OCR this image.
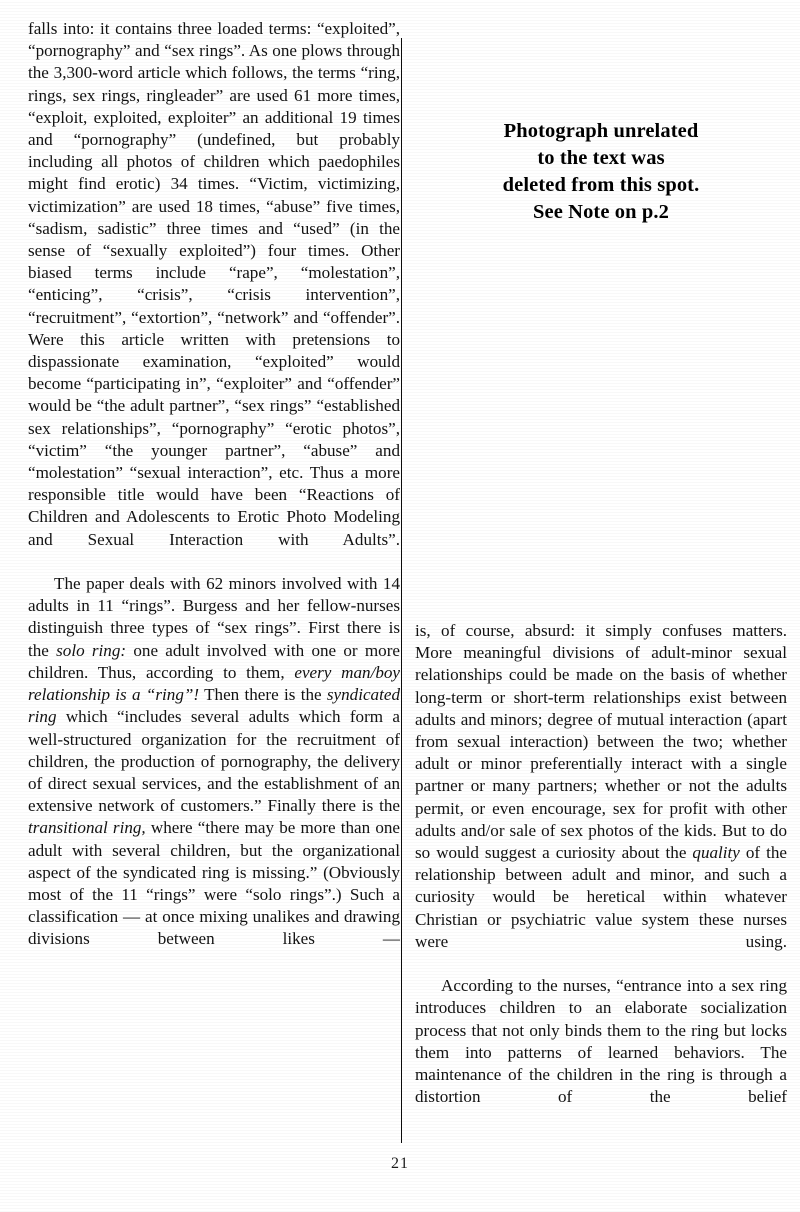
falls into: it contains three loaded terms: “exploited”, “pornography” and “sex rings”. As one plows through the 3,300-word article which follows, the terms “ring, rings, sex rings, ringleader” are used 61 more times, “exploit, exploited, exploiter” an additional 19 times and “pornography” (undefined, but probably including all photos of children which paedophiles might find erotic) 34 times. “Victim, victimizing, victimization” are used 18 times, “abuse” five times, “sadism, sadistic” three times and “used” (in the sense of “sexually exploited”) four times. Other biased terms include “rape”, “molestation”, “enticing”, “crisis”, “crisis intervention”, “recruitment”, “extortion”, “network” and “offender”. Were this article written with pretensions to dispassionate examination, “exploited” would become “participating in”, “exploiter” and “offender” would be “the adult partner”, “sex rings” “established sex relationships”, “pornography” “erotic photos”, “victim” “the younger partner”, “abuse” and “molestation” “sexual interaction”, etc. Thus a more responsible title would have been “Reactions of Children and Adolescents to Erotic Photo Modeling and Sexual Interaction with Adults”.

The paper deals with 62 minors involved with 14 adults in 11 “rings”. Burgess and her fellow-nurses distinguish three types of “sex rings”. First there is the solo ring: one adult involved with one or more children. Thus, according to them, every man/boy relationship is a “ring”! Then there is the syndicated ring which “includes several adults which form a well-structured organization for the recruitment of children, the production of pornography, the delivery of direct sexual services, and the establishment of an extensive network of customers.” Finally there is the transitional ring, where “there may be more than one adult with several children, but the organizational aspect of the syndicated ring is missing.” (Obviously most of the 11 “rings” were “solo rings”.) Such a classification — at once mixing unalikes and drawing divisions between likes —

Photograph unrelated
to the text was
deleted from this spot.
See Note on p.2

is, of course, absurd: it simply confuses matters. More meaningful divisions of adult-minor sexual relationships could be made on the basis of whether long-term or short-term relationships exist between adults and minors; degree of mutual interaction (apart from sexual interaction) between the two; whether adult or minor preferentially interact with a single partner or many partners; whether or not the adults permit, or even encourage, sex for profit with other adults and/or sale of sex photos of the kids. But to do so would suggest a curiosity about the quality of the relationship between adult and minor, and such a curiosity would be heretical within whatever Christian or psychiatric value system these nurses were using.

According to the nurses, “entrance into a sex ring introduces children to an elaborate socialization process that not only binds them to the ring but locks them into patterns of learned behaviors. The maintenance of the children in the ring is through a distortion of the belief

21
